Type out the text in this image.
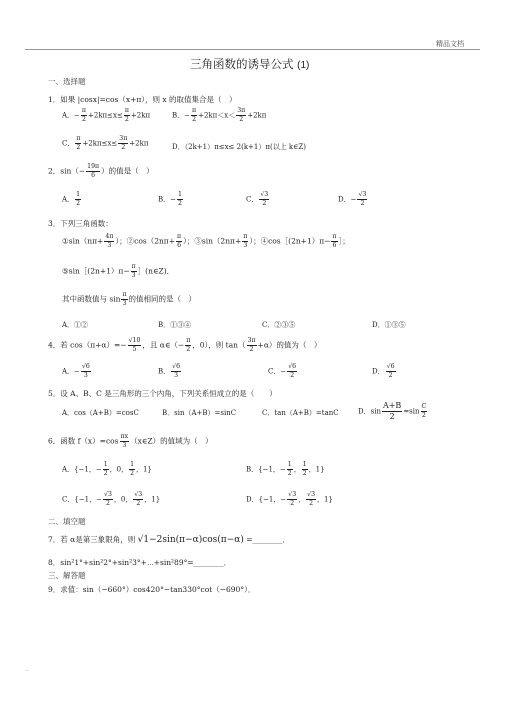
精品文档
三角函数的诱导公式 (1)
一、选择题
1．如果 |cosx|=cos（x+π），则 x 的取值集合是（　）
A．− $\frac{\pi}{2} +2k\pi\le x\le \frac{\pi}{2} +2k\pi$	B．− $\frac{\pi}{2} +2k\pi<x< \frac{3\pi}{2} +2k\pi$
C． $\frac{\pi}{2} +2k\pi\le x\le \frac{3\pi}{2} +2k\pi$	D．（2k+1）π≤x≤ 2(k+1）π(以上 k∈Z)
2．$\sin(- \frac{19\pi}{6}$ ）的值是（　）
A． $\frac{1}{2}$	B．− $\frac{1}{2}$	C． $\frac{√3}{2}$	D．− $\frac{√3}{2}$
3．下列三角函数：
①sin（nπ+ $\frac{4\pi}{3}$ ）；②cos（2nπ+ $\frac{\pi}{6}$ ）；③sin（2nπ+ $\frac{\pi}{3}$ ）；④cos［(2n+1）π− $\frac{\pi}{6}$ ］；
⑤sin［(2n+1）π− $\frac{\pi}{3}$ ］(n∈Z)．
其中函数值与 $\sin \frac{\pi}{3}$ 的值相同的是（　）
A．①②	B．①③④	C．②③⑤	D．①③⑤
4．若 $\cos(\pi+\alpha)=- \frac{√10}{5}$ ，且 α∈（− $\frac{\pi}{2}$ ，0），则 $\tan( \frac{3\pi}{2} +\alpha)$的值为（　）
A．− $\frac{√6}{3}$	B． $\frac{√6}{3}$	C．− $\frac{√6}{2}$	D． $\frac{√6}{2}$
5．设 A、B、C 是三角形的三个内角，下列关系恒成立的是（　　）
A．cos（A+B）=cosC	B．sin（A+B）=sinC	C．tan（A+B）=tanC	D．$\sin \frac{A+B}{2} =\sin \frac{C}{2}$
6．函数 $f(x)=\cos \frac{\pi x}{3}$ （x∈Z）的值域为（　）
A．{−1，− $\frac{1}{2}$ ，0， $\frac{1}{2}$ ，1}	B．{−1，− $\frac{1}{2}$ ， $\frac{1}{2}$ ，1}
C．{−1，− $\frac{√3}{2}$ ，0， $\frac{√3}{2}$ ，1}	D．{−1，− $\frac{√3}{2}$ ， $\frac{√3}{2}$ ，1}
二、填空题
7．若 α是第三象限角，则 √1−2sin(π−α)cos(π−α) =________．
8．sin²1°+sin²2°+sin²3°+⋯+sin²89°=________．
三、解答题
9．求值：sin（−660°）cos420°−tan330°cot（−690°）．
.
